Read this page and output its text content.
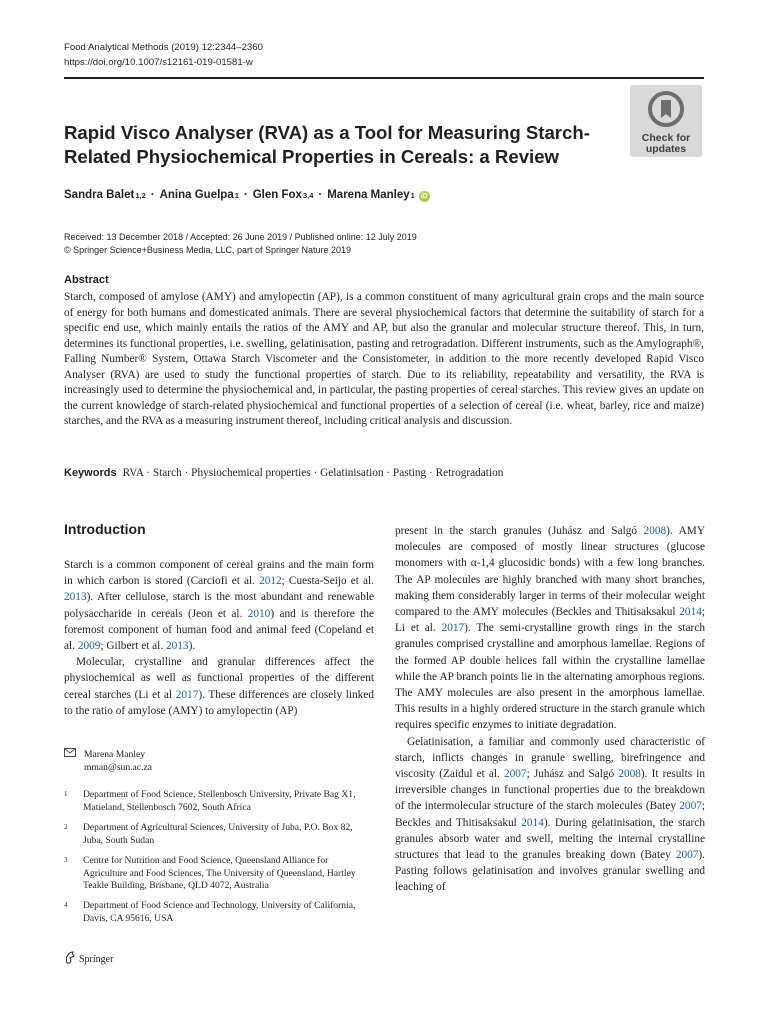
Food Analytical Methods (2019) 12:2344–2360
https://doi.org/10.1007/s12161-019-01581-w
Rapid Visco Analyser (RVA) as a Tool for Measuring Starch-Related Physiochemical Properties in Cereals: a Review
Check for
updates
Sandra Balet 1,2 · Anina Guelpa 1 · Glen Fox 3,4 · Marena Manley 1 iD
Received: 13 December 2018 / Accepted: 26 June 2019 / Published online: 12 July 2019
© Springer Science+Business Media, LLC, part of Springer Nature 2019
Abstract

Starch, composed of amylose (AMY) and amylopectin (AP), is a common constituent of many agricultural grain crops and the main source of energy for both humans and domesticated animals. There are several physiochemical factors that determine the suitability of starch for a specific end use, which mainly entails the ratios of the AMY and AP, but also the granular and molecular structure thereof. This, in turn, determines its functional properties, i.e. swelling, gelatinisation, pasting and retrogradation. Different instruments, such as the Amylograph®, Falling Number® System, Ottawa Starch Viscometer and the Consistometer, in addition to the more recently developed Rapid Visco Analyser (RVA) are used to study the functional properties of starch. Due to its reliability, repeatability and versatility, the RVA is increasingly used to determine the physiochemical and, in particular, the pasting properties of cereal starches. This review gives an update on the current knowledge of starch-related physiochemical and functional properties of a selection of cereal (i.e. wheat, barley, rice and maize) starches, and the RVA as a measuring instrument thereof, including critical analysis and discussion.

Keywords RVA · Starch · Physiochemical properties · Gelatinisation · Pasting · Retrogradation
Introduction

Starch is a common component of cereal grains and the main form in which carbon is stored (Carciofi et al. 2012; Cuesta-Seijo et al. 2013). After cellulose, starch is the most abundant and renewable polysaccharide in cereals (Jeon et al. 2010) and is therefore the foremost component of human food and animal feed (Copeland et al. 2009; Gilbert et al. 2013).

Molecular, crystalline and granular differences affect the physiochemical as well as functional properties of the different cereal starches (Li et al 2017). These differences are closely linked to the ratio of amylose (AMY) to amylopectin (AP)

present in the starch granules (Juhász and Salgó 2008). AMY molecules are composed of mostly linear structures (glucose monomers with α-1,4 glucosidic bonds) with a few long branches. The AP molecules are highly branched with many short branches, making them considerably larger in terms of their molecular weight compared to the AMY molecules (Beckles and Thitisaksakul 2014; Li et al. 2017). The semi-crystalline growth rings in the starch granules comprised crystalline and amorphous lamellae. Regions of the formed AP double helices fall within the crystalline lamellae while the AP branch points lie in the alternating amorphous regions. The AMY molecules are also present in the amorphous lamellae. This results in a highly ordered structure in the starch granule which requires specific enzymes to initiate degradation.

Gelatinisation, a familiar and commonly used characteristic of starch, inflicts changes in granule swelling, birefringence and viscosity (Zaidul et al. 2007; Juhász and Salgó 2008). It results in irreversible changes in functional properties due to the breakdown of the intermolecular structure of the starch molecules (Batey 2007; Beckles and Thitisaksakul 2014). During gelatinisation, the starch granules absorb water and swell, melting the internal crystalline structures that lead to the granules breaking down (Batey 2007). Pasting follows gelatinisation and involves granular swelling and leaching of

Marena Manley
mman@sun.ac.za
1	Department of Food Science, Stellenbosch University, Private Bag X1, Matieland, Stellenbosch 7602, South Africa
2	Department of Agricultural Sciences, University of Juba, P.O. Box 82, Juba, South Sudan
3	Centre for Nutrition and Food Science, Queensland Alliance for Agriculture and Food Sciences, The University of Queensland, Hartley Teakle Building, Brisbane, QLD 4072, Australia
4	Department of Food Science and Technology, University of California, Davis, CA 95616, USA
Springer
